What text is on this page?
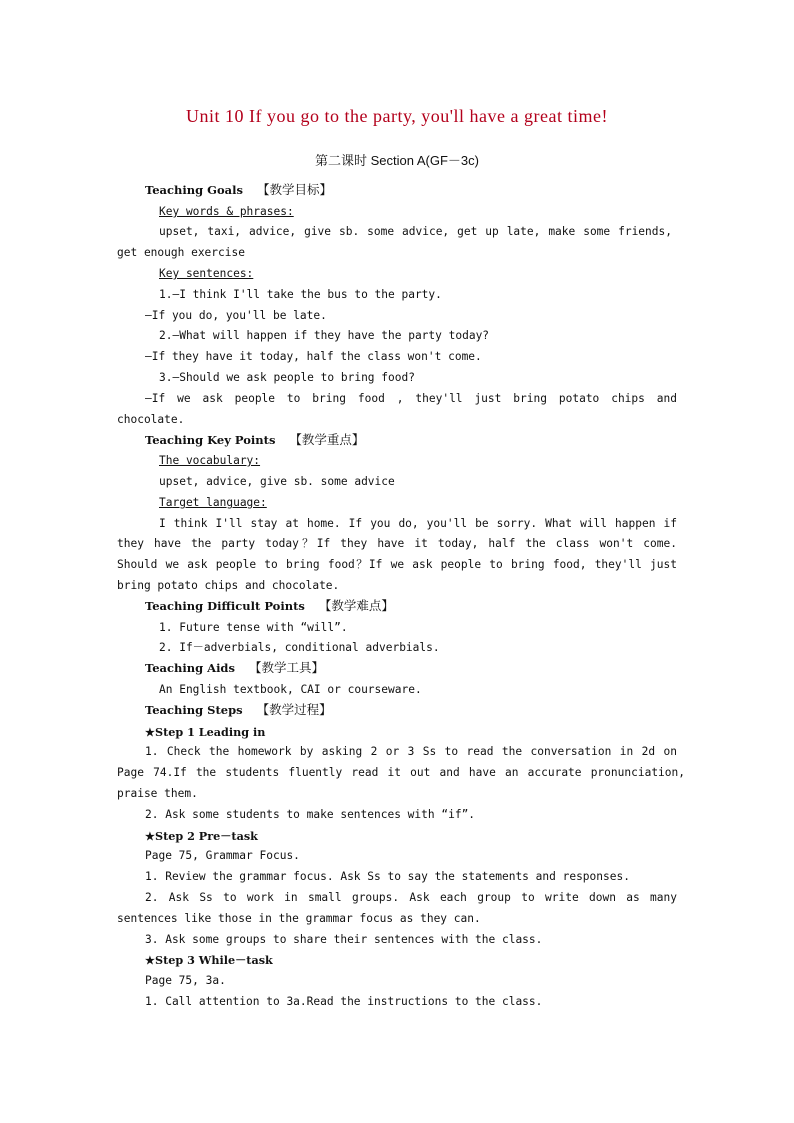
Unit 10 If you go to the party, you'll have a great time!
第二课时 Section A(GF－3c)
Teaching Goals 【教学目标】
Key words & phrases:
upset, taxi, advice, give sb. some advice, get up late, make some friends,
get enough exercise
Key sentences:
1.—I think I'll take the bus to the party.
—If you do, you'll be late.
2.—What will happen if they have the party today?
—If they have it today, half the class won't come.
3.—Should we ask people to bring food?
—If we ask people to bring food , they'll just bring potato chips and
chocolate.
Teaching Key Points 【教学重点】
The vocabulary:
upset, advice, give sb. some advice
Target language:
I think I'll stay at home. If you do, you'll be sorry. What will happen if
they have the party today？If they have it today, half the class won't come.
Should we ask people to bring food？If we ask people to bring food, they'll just
bring potato chips and chocolate.
Teaching Difficult Points 【教学难点】
1. Future tense with “will”.
2. If－adverbials, conditional adverbials.
Teaching Aids 【教学工具】
An English textbook, CAI or courseware.
Teaching Steps 【教学过程】
★Step 1 Leading in
1. Check the homework by asking 2 or 3 Ss to read the conversation in 2d on
Page 74.If the students fluently read it out and have an accurate pronunciation,
praise them.
2. Ask some students to make sentences with “if”.
★Step 2 Pre－task
Page 75, Grammar Focus.
1. Review the grammar focus. Ask Ss to say the statements and responses.
2. Ask Ss to work in small groups. Ask each group to write down as many
sentences like those in the grammar focus as they can.
3. Ask some groups to share their sentences with the class.
★Step 3 While－task
Page 75, 3a.
1. Call attention to 3a.Read the instructions to the class.
